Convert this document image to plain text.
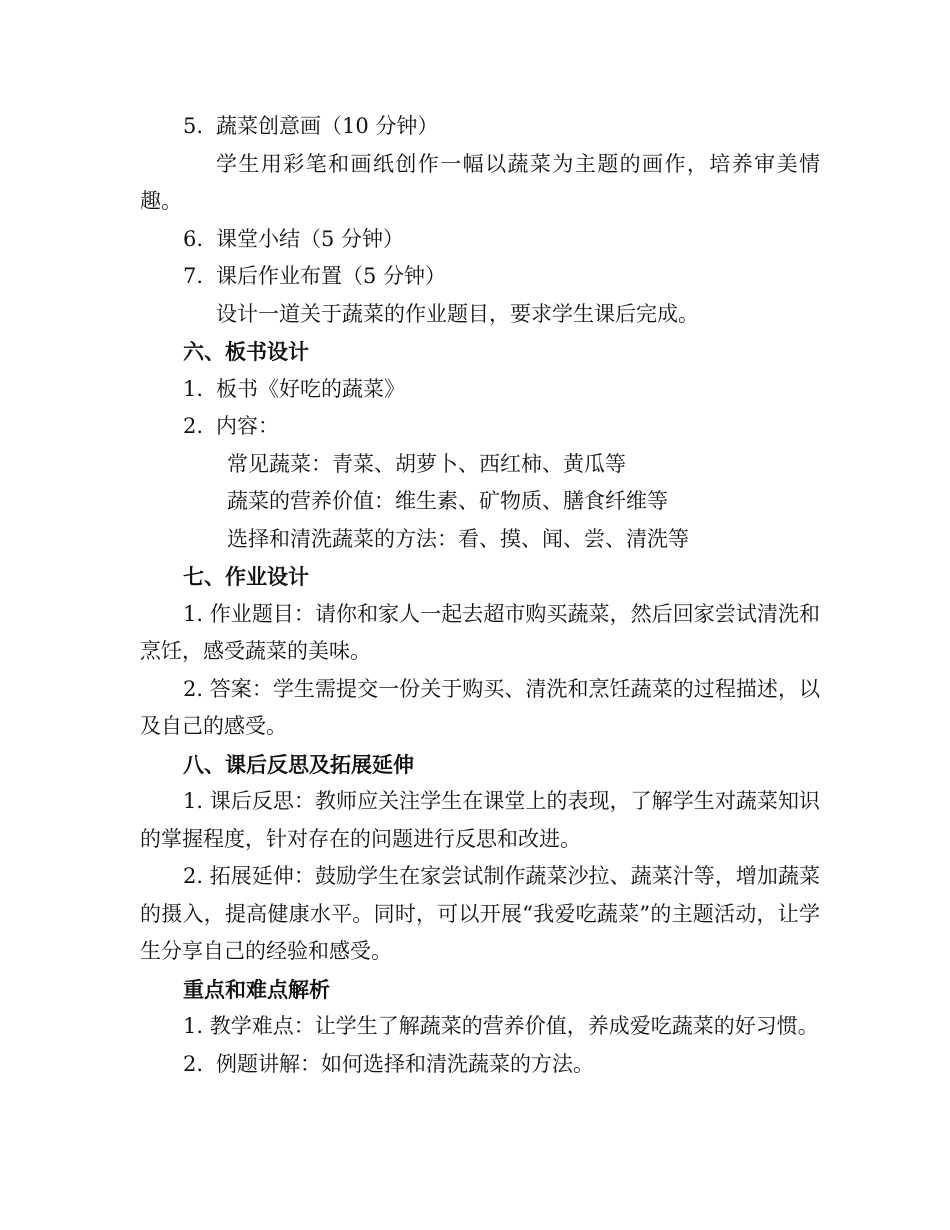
5. 蔬菜创意画（10 分钟）
学生用彩笔和画纸创作一幅以蔬菜为主题的画作，培养审美情趣。
6. 课堂小结（5 分钟）
7. 课后作业布置（5 分钟）
设计一道关于蔬菜的作业题目，要求学生课后完成。
六、板书设计
1. 板书《好吃的蔬菜》
2. 内容：
常见蔬菜：青菜、胡萝卜、西红柿、黄瓜等
蔬菜的营养价值：维生素、矿物质、膳食纤维等
选择和清洗蔬菜的方法：看、摸、闻、尝、清洗等
七、作业设计
1. 作业题目：请你和家人一起去超市购买蔬菜，然后回家尝试清洗和烹饪，感受蔬菜的美味。
2. 答案：学生需提交一份关于购买、清洗和烹饪蔬菜的过程描述，以及自己的感受。
八、课后反思及拓展延伸
1. 课后反思：教师应关注学生在课堂上的表现，了解学生对蔬菜知识的掌握程度，针对存在的问题进行反思和改进。
2. 拓展延伸：鼓励学生在家尝试制作蔬菜沙拉、蔬菜汁等，增加蔬菜的摄入，提高健康水平。同时，可以开展“我爱吃蔬菜”的主题活动，让学生分享自己的经验和感受。
重点和难点解析
1. 教学难点：让学生了解蔬菜的营养价值，养成爱吃蔬菜的好习惯。
2. 例题讲解：如何选择和清洗蔬菜的方法。
